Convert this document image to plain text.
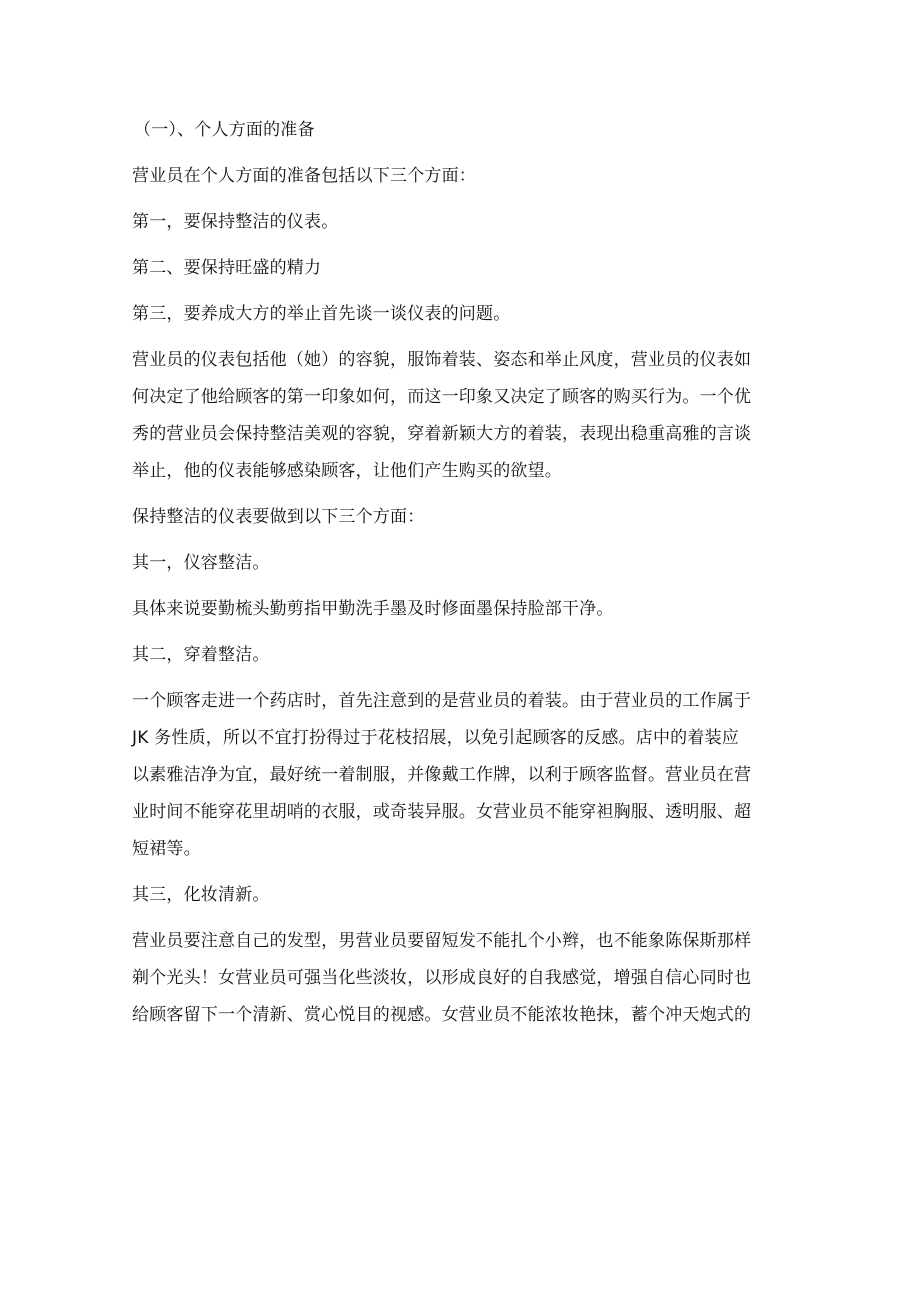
（一）、个人方面的准备

营业员在个人方面的准备包括以下三个方面：

第一，要保持整洁的仪表。

第二、要保持旺盛的精力

第三，要养成大方的举止首先谈一谈仪表的问题。

营业员的仪表包括他（她）的容貌，服饰着装、姿态和举止风度，营业员的仪表如
何决定了他给顾客的第一印象如何，而这一印象又决定了顾客的购买行为。一个优
秀的营业员会保持整洁美观的容貌，穿着新颖大方的着装，表现出稳重高雅的言谈
举止，他的仪表能够感染顾客，让他们产生购买的欲望。

保持整洁的仪表要做到以下三个方面：

其一，仪容整洁。

具体来说要勤梳头勤剪指甲勤洗手墨及时修面墨保持脸部干净。

其二，穿着整洁。

一个顾客走进一个药店时，首先注意到的是营业员的着装。由于营业员的工作属于
JK 务性质，所以不宜打扮得过于花枝招展，以免引起顾客的反感。店中的着装应
以素雅洁净为宜，最好统一着制服，并像戴工作牌，以利于顾客监督。营业员在营
业时间不能穿花里胡哨的衣服，或奇装异服。女营业员不能穿袒胸服、透明服、超
短裙等。

其三，化妆清新。

营业员要注意自己的发型，男营业员要留短发不能扎个小辫，也不能象陈保斯那样
剃个光头！女营业员可强当化些淡妆，以形成良好的自我感觉，增强自信心同时也
给顾客留下一个清新、赏心悦目的视感。女营业员不能浓妆艳抹，蓄个冲天炮式的
